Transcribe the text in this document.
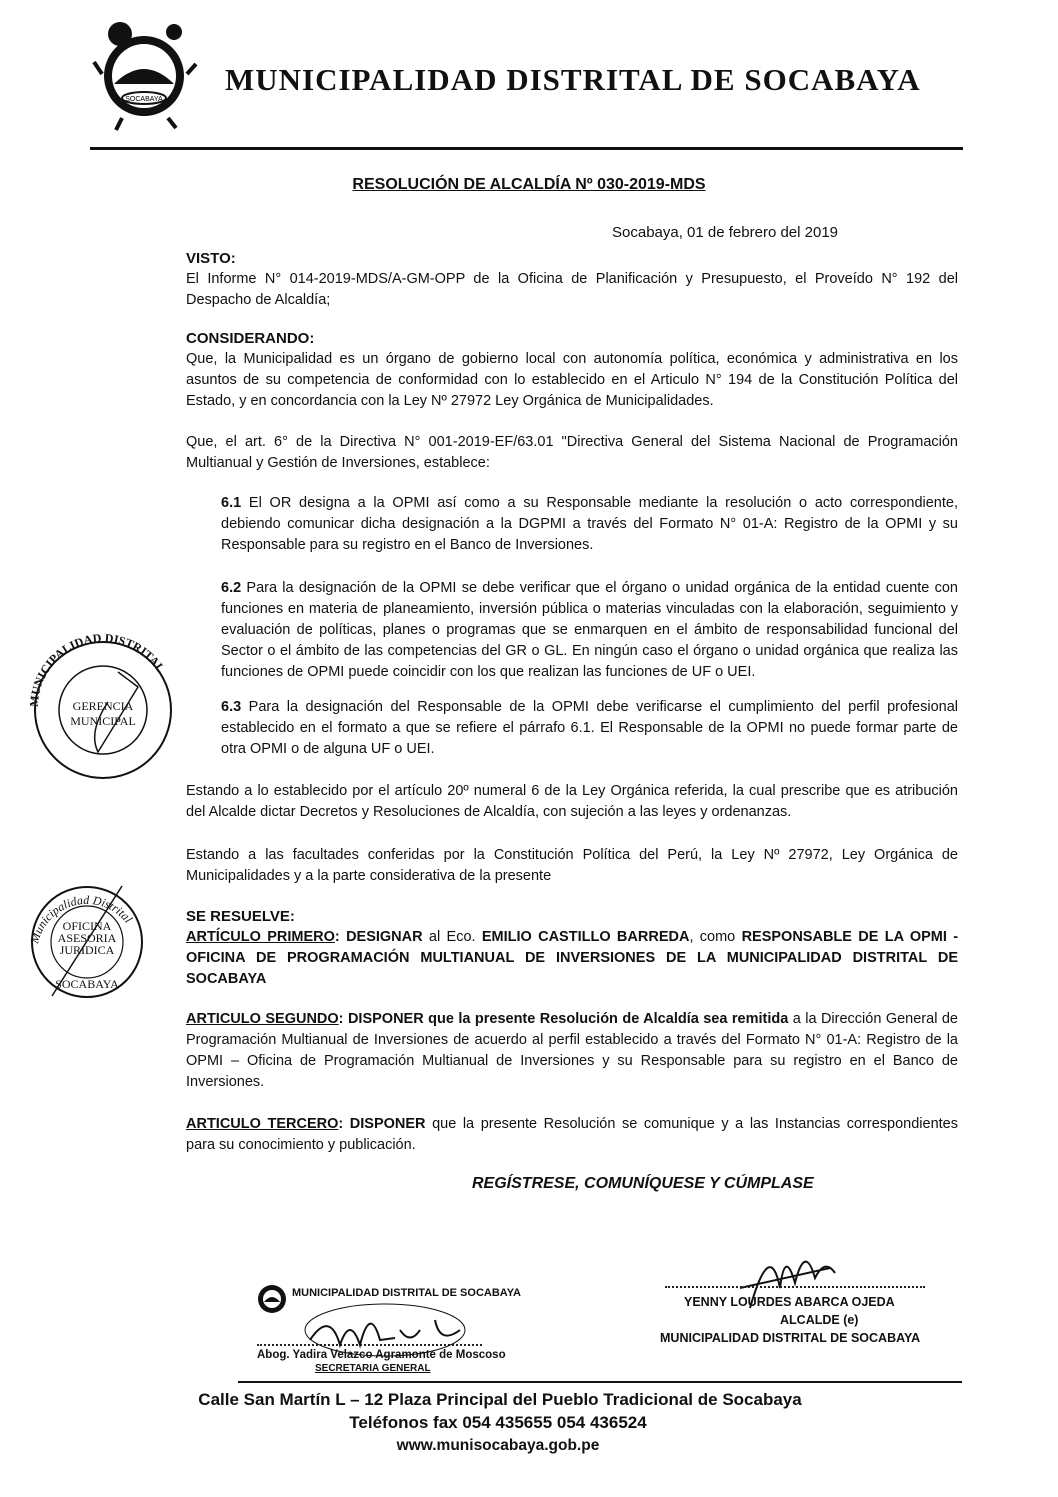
SOCABAYA
MUNICIPALIDAD DISTRITAL DE SOCABAYA
RESOLUCIÓN DE ALCALDÍA Nº 030-2019-MDS
Socabaya, 01 de febrero del 2019
VISTO:
El Informe N° 014-2019-MDS/A-GM-OPP de la Oficina de Planificación y Presupuesto, el Proveído N° 192 del Despacho de Alcaldía;
CONSIDERANDO:
Que, la Municipalidad es un órgano de gobierno local con autonomía política, económica y administrativa en los asuntos de su competencia de conformidad con lo establecido en el Articulo N° 194 de la Constitución Política del Estado, y en concordancia con la Ley Nº 27972 Ley Orgánica de Municipalidades.
Que, el art. 6° de la Directiva N° 001-2019-EF/63.01 "Directiva General del Sistema Nacional de Programación Multianual y Gestión de Inversiones, establece:
6.1 El OR designa a la OPMI así como a su Responsable mediante la resolución o acto correspondiente, debiendo comunicar dicha designación a la DGPMI a través del Formato N° 01-A: Registro de la OPMI y su Responsable para su registro en el Banco de Inversiones.
6.2 Para la designación de la OPMI se debe verificar que el órgano o unidad orgánica de la entidad cuente con funciones en materia de planeamiento, inversión pública o materias vinculadas con la elaboración, seguimiento y evaluación de políticas, planes o programas que se enmarquen en el ámbito de responsabilidad funcional del Sector o el ámbito de las competencias del GR o GL. En ningún caso el órgano o unidad orgánica que realiza las funciones de OPMI puede coincidir con los que realizan las funciones de UF o UEI.
6.3 Para la designación del Responsable de la OPMI debe verificarse el cumplimiento del perfil profesional establecido en el formato a que se refiere el párrafo 6.1. El Responsable de la OPMI no puede formar parte de otra OPMI o de alguna UF o UEI.
Estando a lo establecido por el artículo 20º numeral 6 de la Ley Orgánica referida, la cual prescribe que es atribución del Alcalde dictar Decretos y Resoluciones de Alcaldía, con sujeción a las leyes y ordenanzas.
Estando a las facultades conferidas por la Constitución Política del Perú, la Ley Nº 27972, Ley Orgánica de Municipalidades y a la parte considerativa de la presente
SE RESUELVE:
ARTÍCULO PRIMERO: DESIGNAR al Eco. EMILIO CASTILLO BARREDA, como RESPONSABLE DE LA OPMI - OFICINA DE PROGRAMACIÓN MULTIANUAL DE INVERSIONES DE LA MUNICIPALIDAD DISTRITAL DE SOCABAYA
ARTICULO SEGUNDO: DISPONER que la presente Resolución de Alcaldía sea remitida a la Dirección General de Programación Multianual de Inversiones de acuerdo al perfil establecido a través del Formato N° 01-A: Registro de la OPMI – Oficina de Programación Multianual de Inversiones y su Responsable para su registro en el Banco de Inversiones.
ARTICULO TERCERO: DISPONER que la presente Resolución se comunique y a las Instancias correspondientes para su conocimiento y publicación.
REGÍSTRESE, COMUNÍQUESE Y CÚMPLASE
MUNICIPALIDAD DISTRITAL
GERENCIA
MUNICIPAL
Municipalidad Distrital
OFICINA
ASESORIA
JURIDICA
SOCABAYA
MUNICIPALIDAD DISTRITAL DE SOCABAYA
Abog. Yadira Velazco Agramonte de Moscoso
SECRETARIA GENERAL
YENNY LOURDES ABARCA OJEDA
ALCALDE (e)
MUNICIPALIDAD DISTRITAL DE SOCABAYA
Calle San Martín L – 12 Plaza Principal del Pueblo Tradicional de Socabaya
Teléfonos fax 054 435655 054 436524
www.munisocabaya.gob.pe
